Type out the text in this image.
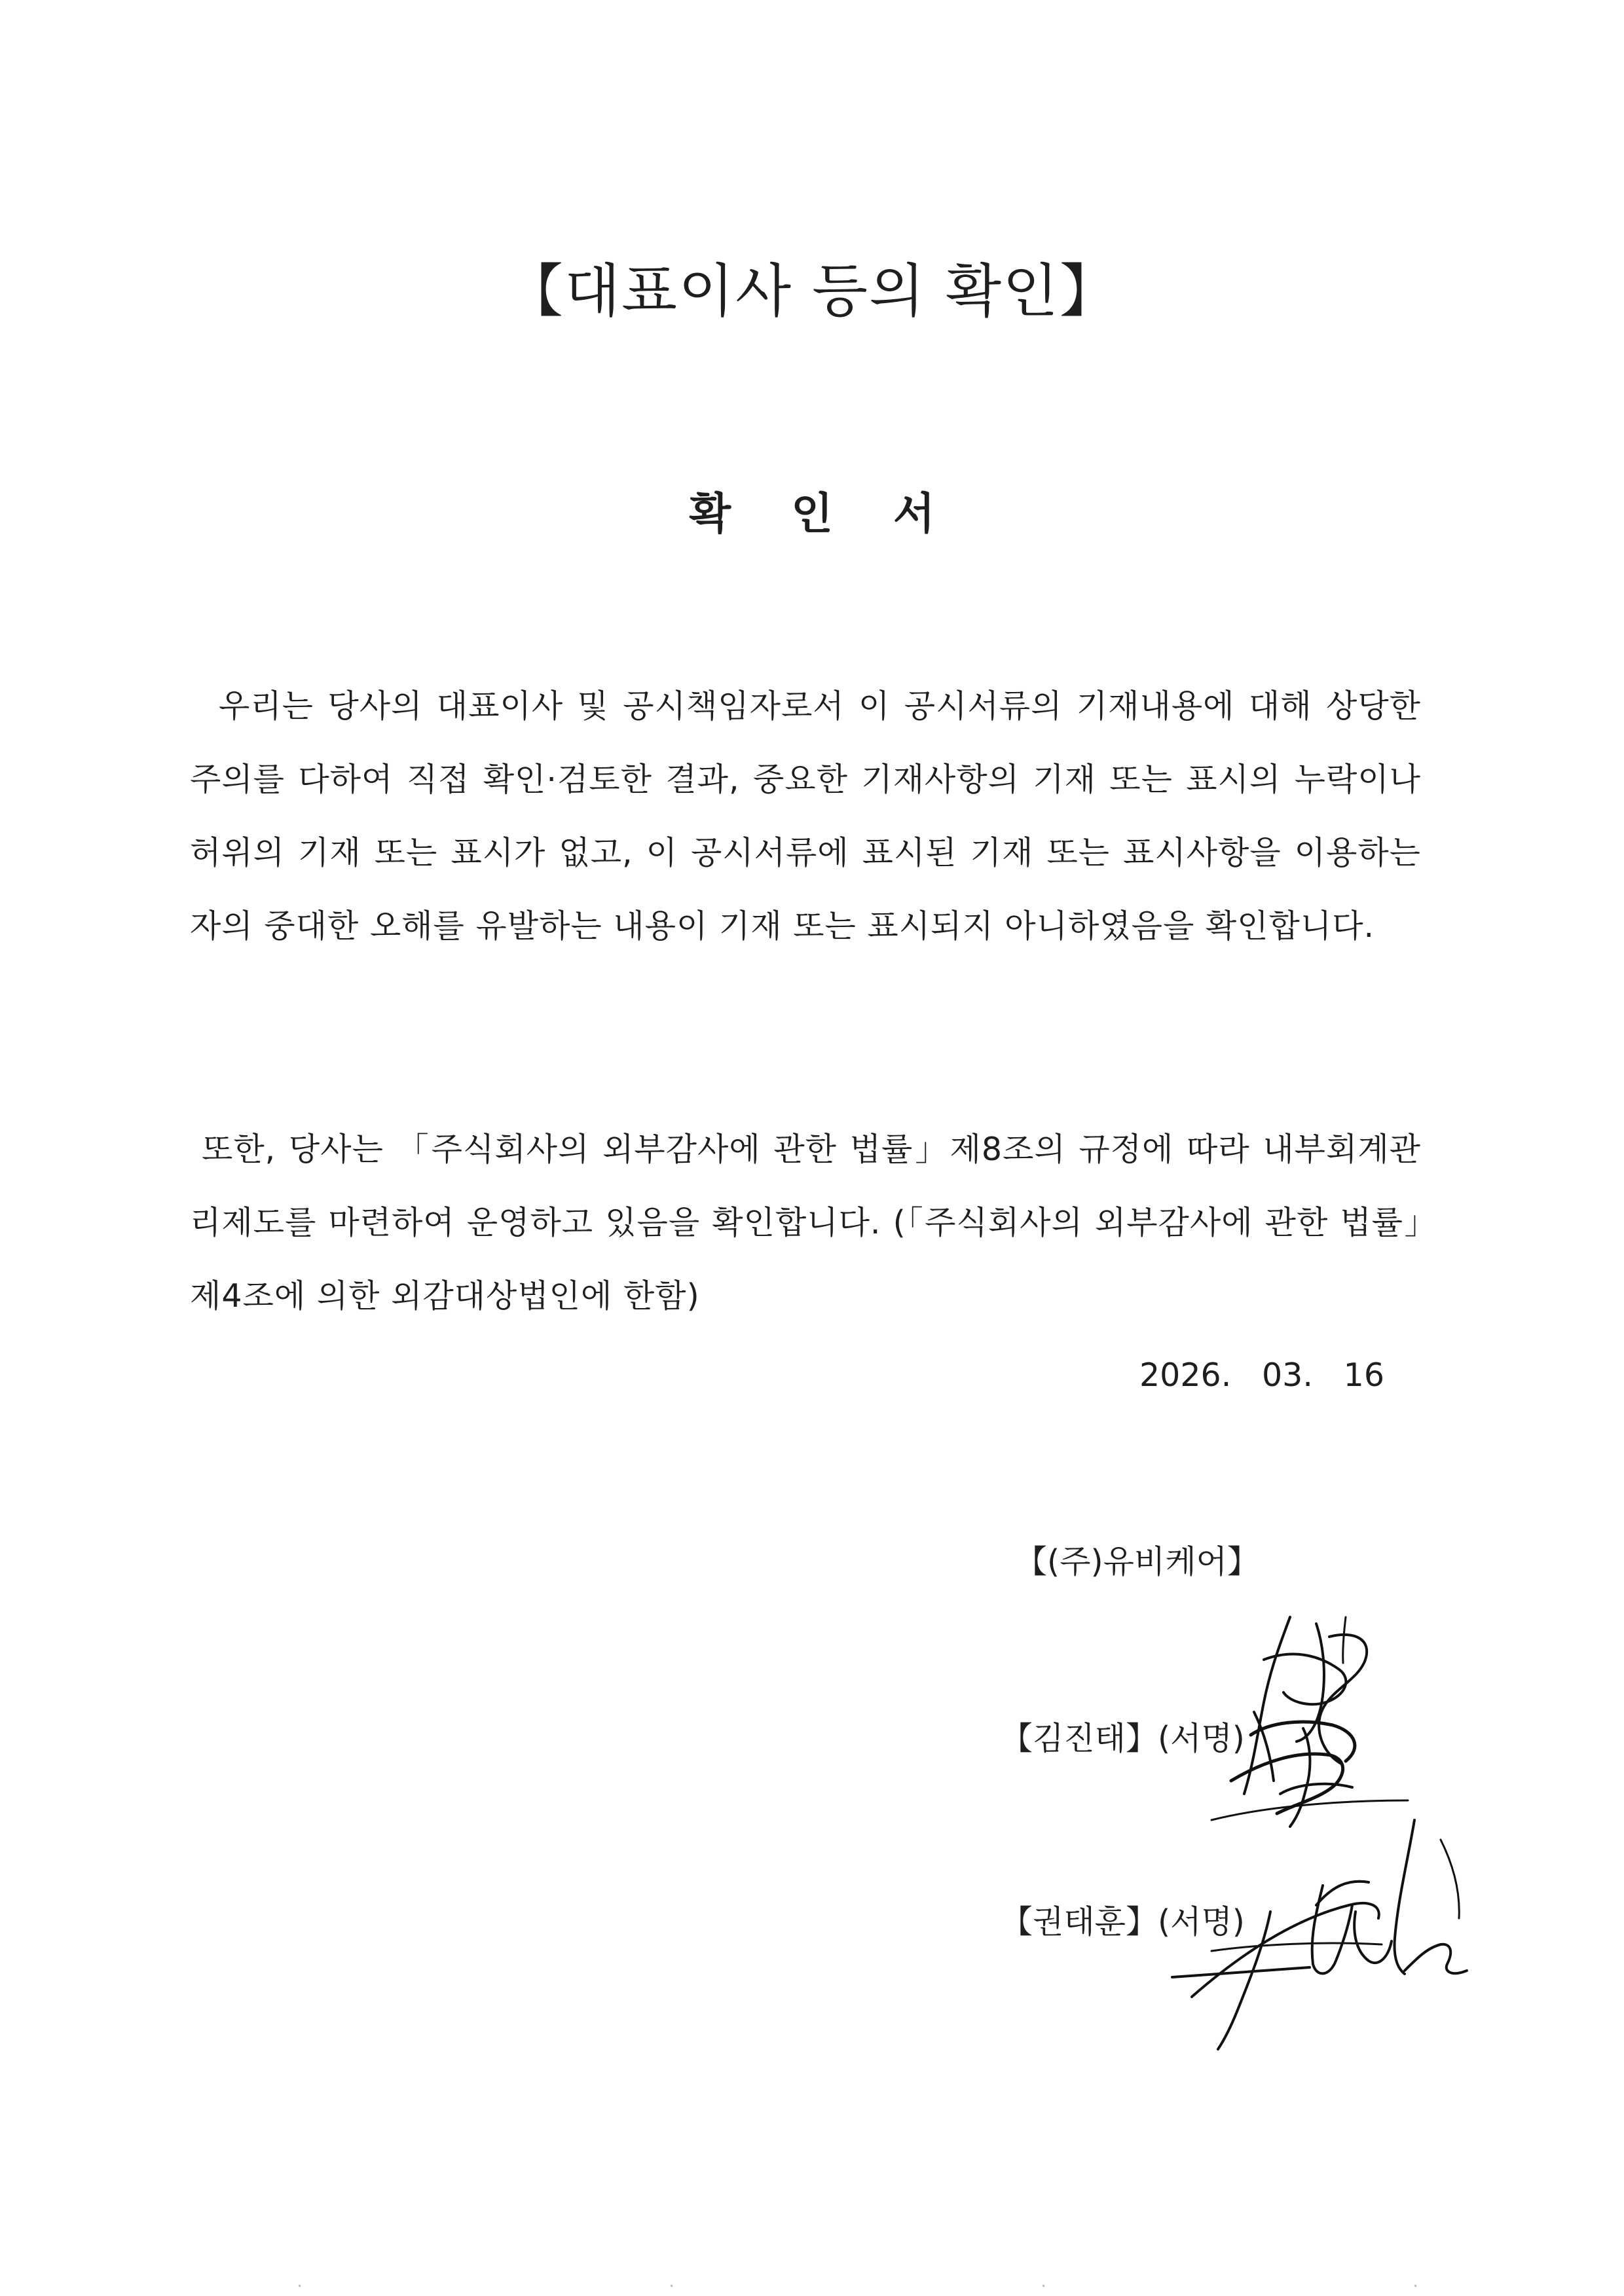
【대표이사 등의 확인】
확 인 서

우리는 당사의 대표이사 및 공시책임자로서 이 공시서류의 기재내용에 대해 상당한 주의를 다하여 직접 확인·검토한 결과, 중요한 기재사항의 기재 또는 표시의 누락이나 허위의 기재 또는 표시가 없고, 이 공시서류에 표시된 기재 또는 표시사항을 이용하는 자의 중대한 오해를 유발하는 내용이 기재 또는 표시되지 아니하였음을 확인합니다.

또한, 당사는 「주식회사의 외부감사에 관한 법률」제8조의 규정에 따라 내부회계관리제도를 마련하여 운영하고 있음을 확인합니다. (「주식회사의 외부감사에 관한 법률」제4조에 의한 외감대상법인에 한함)

2026.   03.   16
【(주)유비케어】
【김진태】(서명)
【권태훈】(서명)
